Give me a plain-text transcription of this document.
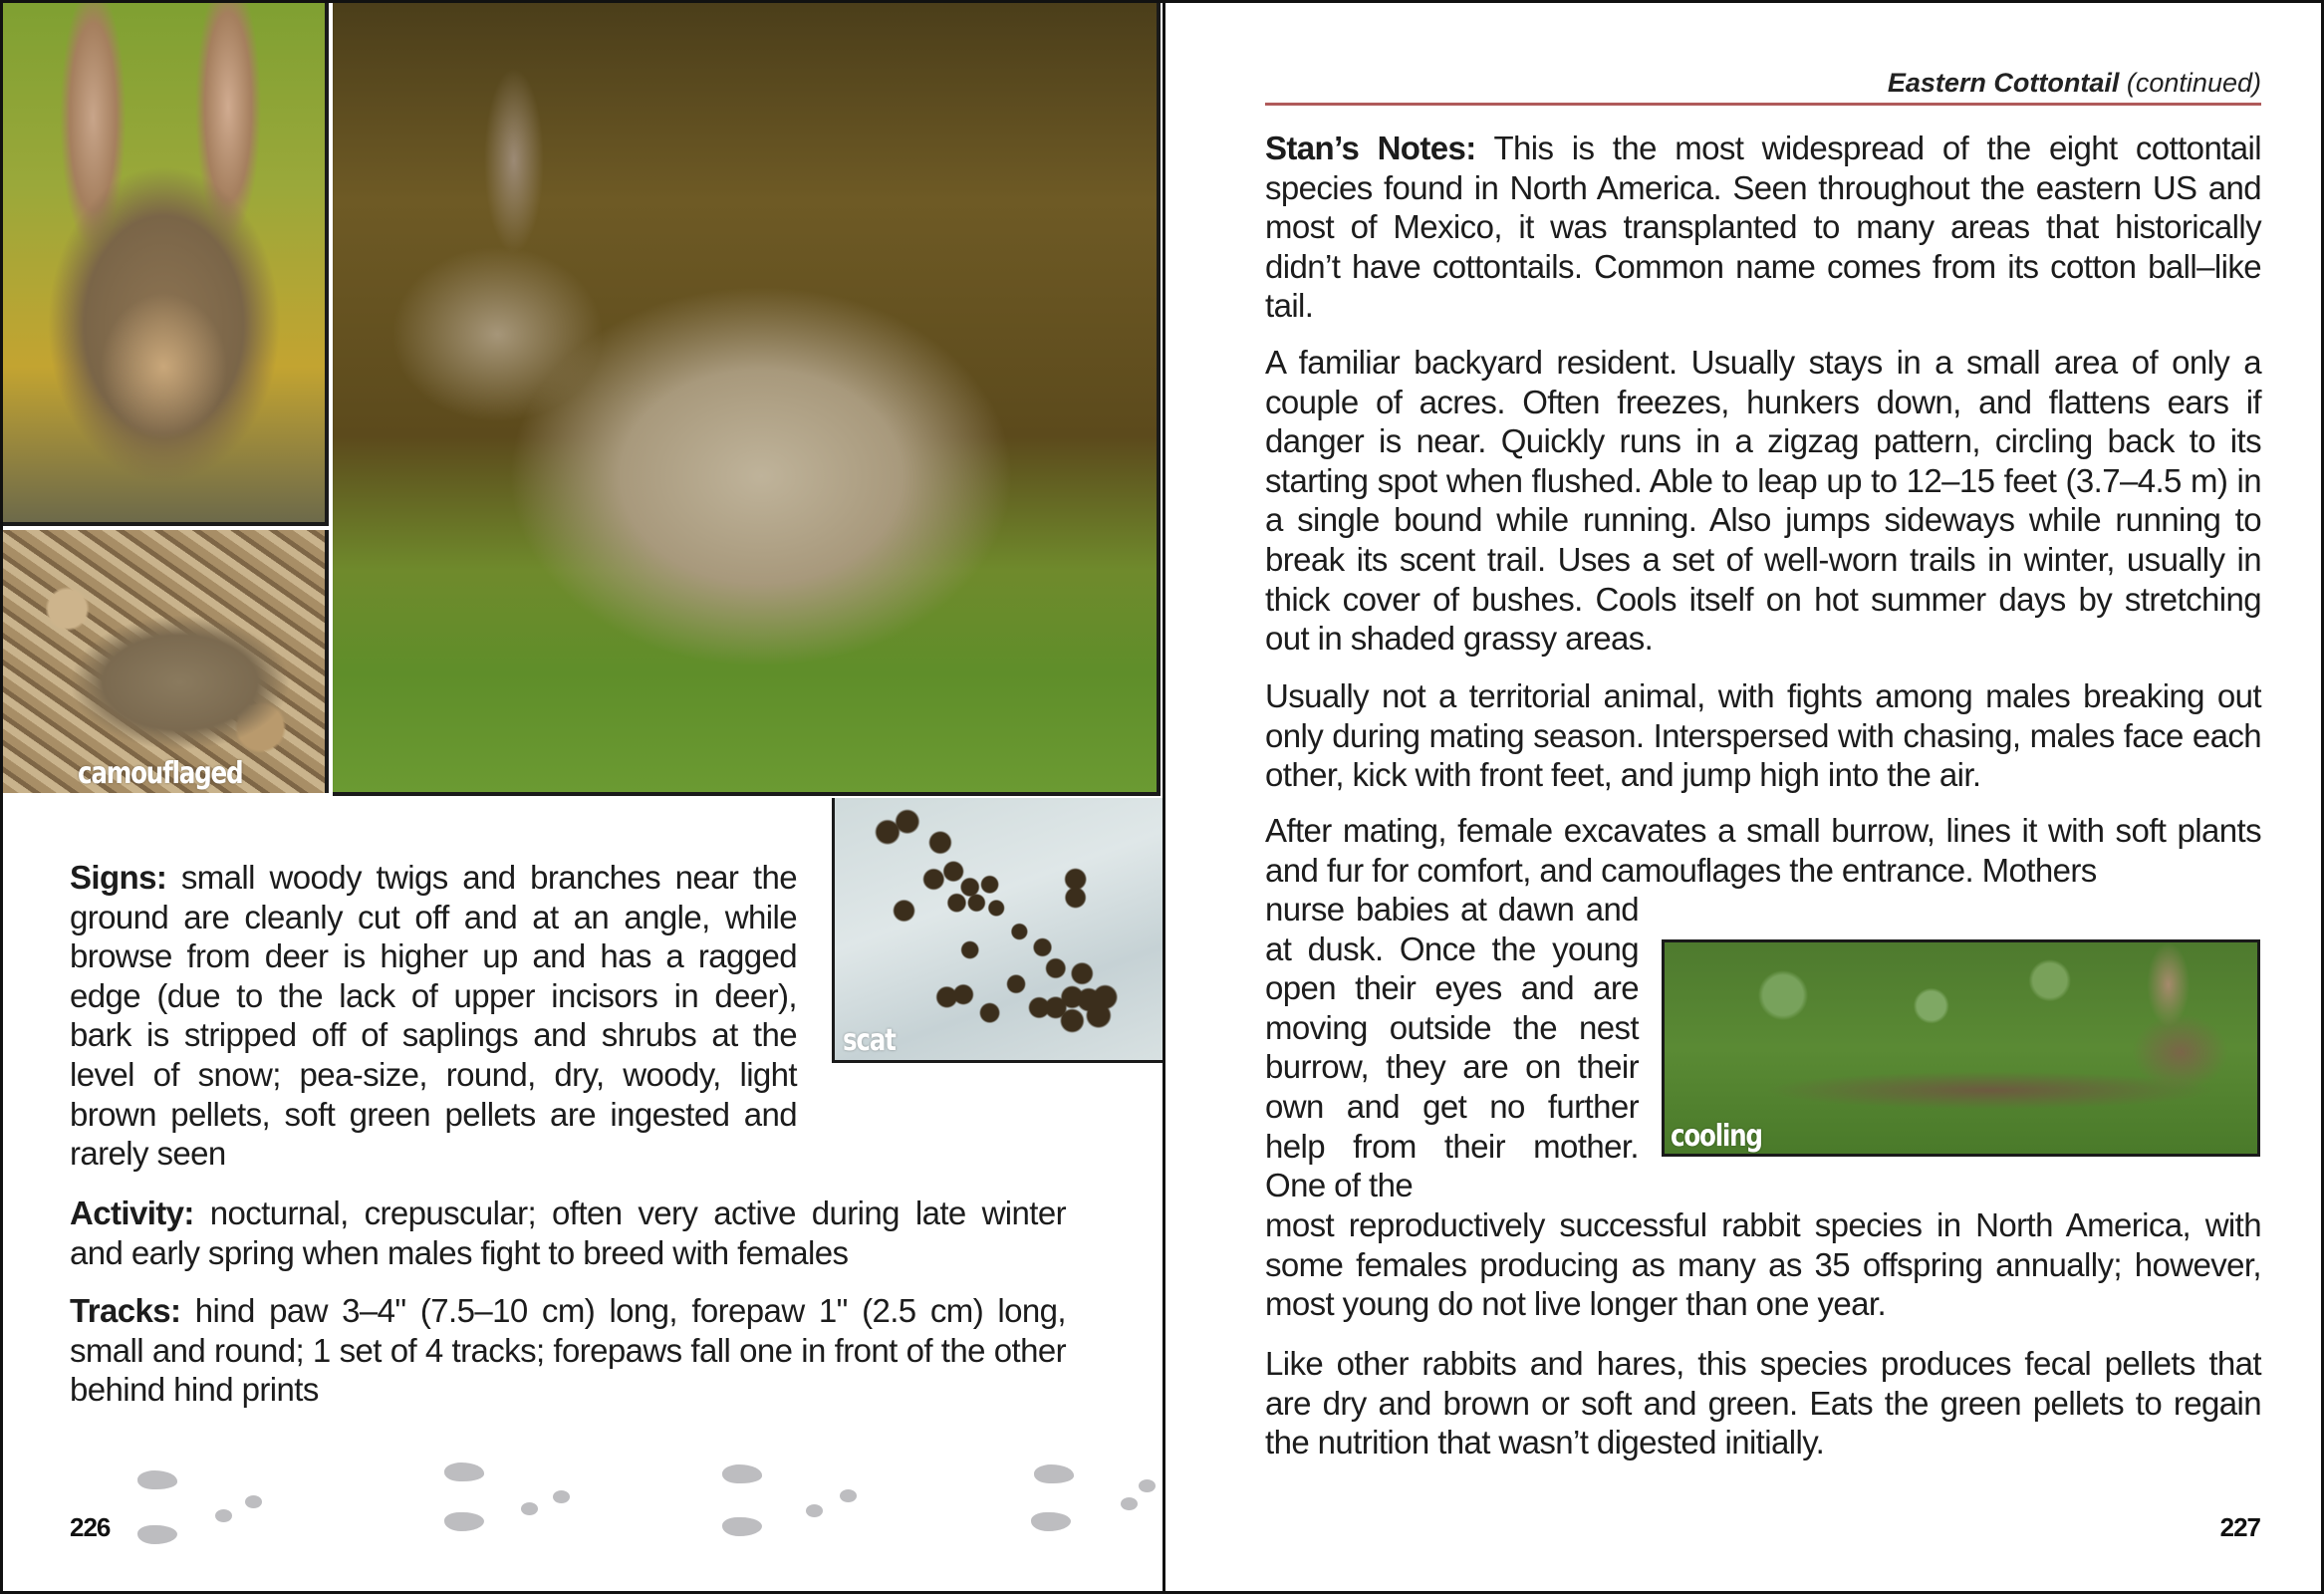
camouflaged
scat
Signs: small woody twigs and branches near the ground are cleanly cut off and at an angle, while browse from deer is higher up and has a ragged edge (due to the lack of upper incisors in deer), bark is stripped off of saplings and shrubs at the level of snow; pea-size, round, dry, woody, light brown pellets, soft green pellets are ingested and rarely seen
Activity: nocturnal, crepuscular; often very active during late winter and early spring when males fight to breed with females
Tracks: hind paw 3–4" (7.5–10 cm) long, forepaw 1" (2.5 cm) long, small and round; 1 set of 4 tracks; forepaws fall one in front of the other behind hind prints
226
Eastern Cottontail (continued)
Stan’s Notes: This is the most widespread of the eight cottontail species found in North America. Seen throughout the eastern US and most of Mexico, it was transplanted to many areas that historically didn’t have cottontails. Common name comes from its cotton ball–like tail.
A familiar backyard resident. Usually stays in a small area of only a couple of acres. Often freezes, hunkers down, and flattens ears if danger is near. Quickly runs in a zigzag pattern, circling back to its starting spot when flushed. Able to leap up to 12–15 feet (3.7–4.5 m) in a single bound while running. Also jumps sideways while running to break its scent trail. Uses a set of well-worn trails in winter, usually in thick cover of bushes. Cools itself on hot summer days by stretching out in shaded grassy areas.
Usually not a territorial animal, with fights among males breaking out only during mating season. Interspersed with chasing, males face each other, kick with front feet, and jump high into the air.
After mating, female excavates a small burrow, lines it with soft plants and fur for comfort, and camouflages the entrance. Mothers
nurse babies at dawn and at dusk. Once the young open their eyes and are moving outside the nest burrow, they are on their own and get no further help from their mother. One of the
cooling
most reproductively successful rabbit species in North America, with some females producing as many as 35 offspring annually; however, most young do not live longer than one year.
Like other rabbits and hares, this species produces fecal pellets that are dry and brown or soft and green. Eats the green pellets to regain the nutrition that wasn’t digested initially.
227
